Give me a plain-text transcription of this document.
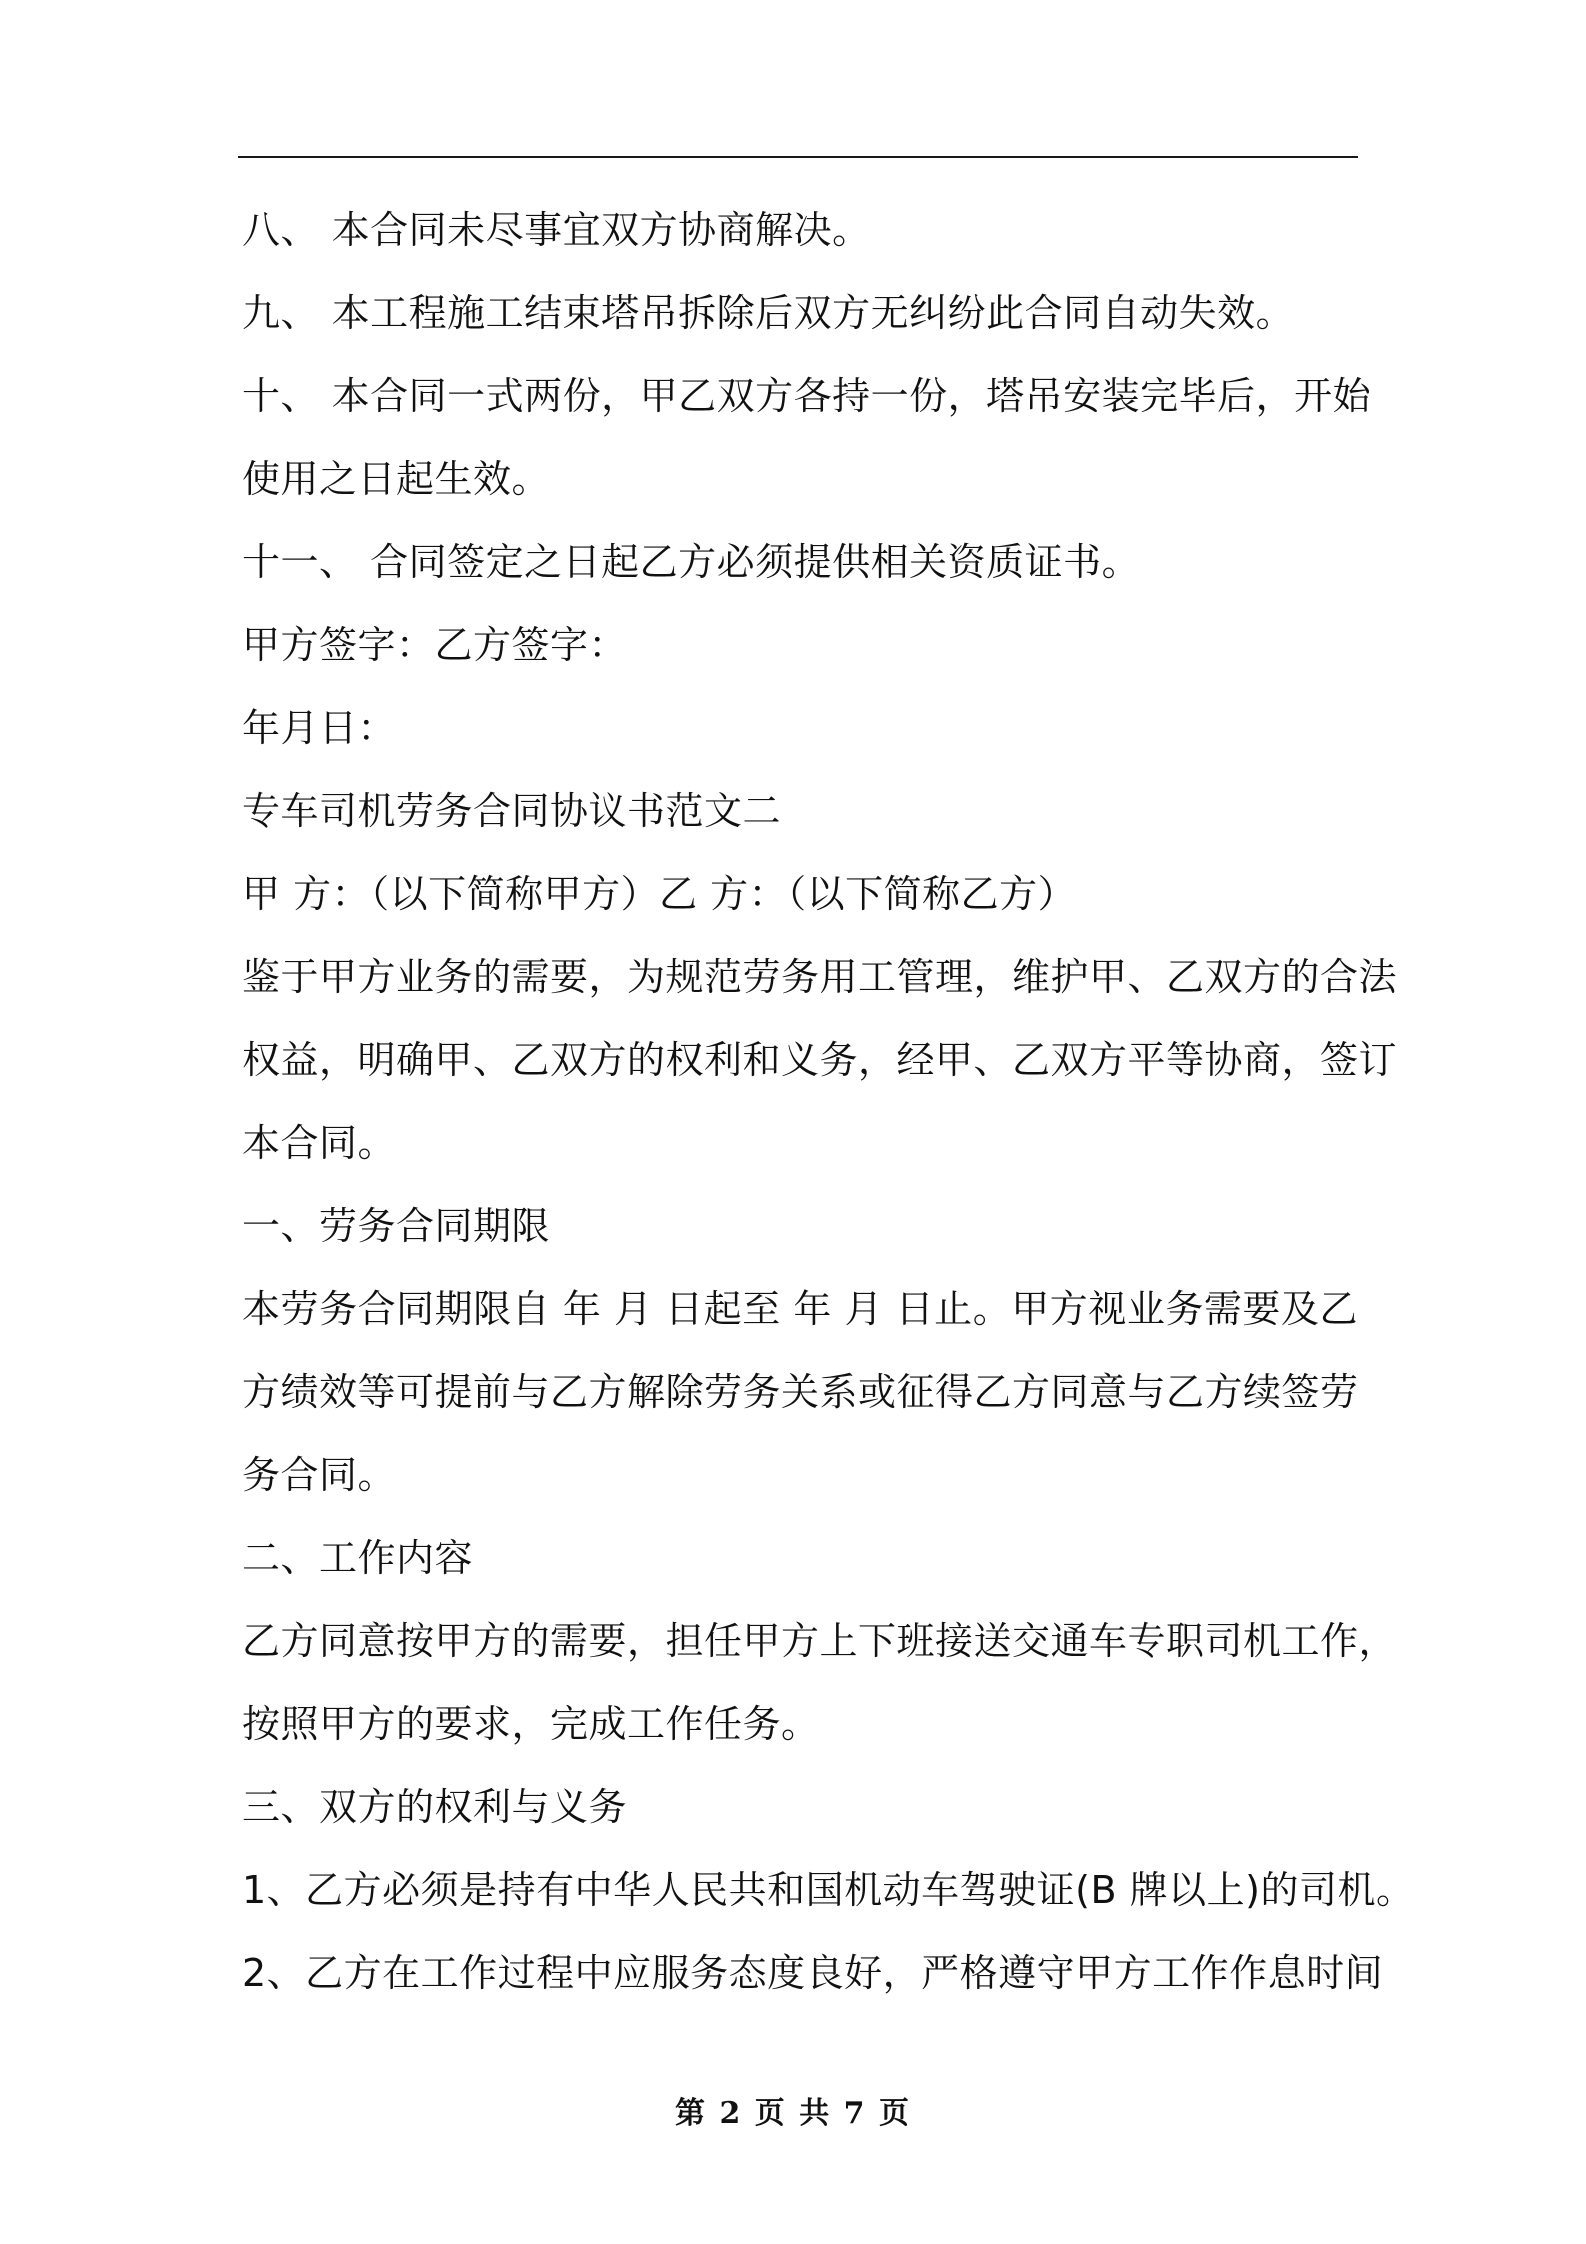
八、 本合同未尽事宜双方协商解决。
九、 本工程施工结束塔吊拆除后双方无纠纷此合同自动失效。
十、 本合同一式两份，甲乙双方各持一份，塔吊安装完毕后，开始
使用之日起生效。
十一、 合同签定之日起乙方必须提供相关资质证书。
甲方签字：乙方签字：
年月日：
专车司机劳务合同协议书范文二
甲 方：（以下简称甲方）乙 方：（以下简称乙方）
鉴于甲方业务的需要，为规范劳务用工管理，维护甲、乙双方的合法
权益，明确甲、乙双方的权利和义务，经甲、乙双方平等协商，签订
本合同。
一、劳务合同期限
本劳务合同期限自 年 月 日起至 年 月 日止。甲方视业务需要及乙
方绩效等可提前与乙方解除劳务关系或征得乙方同意与乙方续签劳
务合同。
二、工作内容
乙方同意按甲方的需要，担任甲方上下班接送交通车专职司机工作，
按照甲方的要求，完成工作任务。
三、双方的权利与义务
1、乙方必须是持有中华人民共和国机动车驾驶证(B 牌以上)的司机。
2、乙方在工作过程中应服务态度良好，严格遵守甲方工作作息时间
第 2 页 共 7 页
